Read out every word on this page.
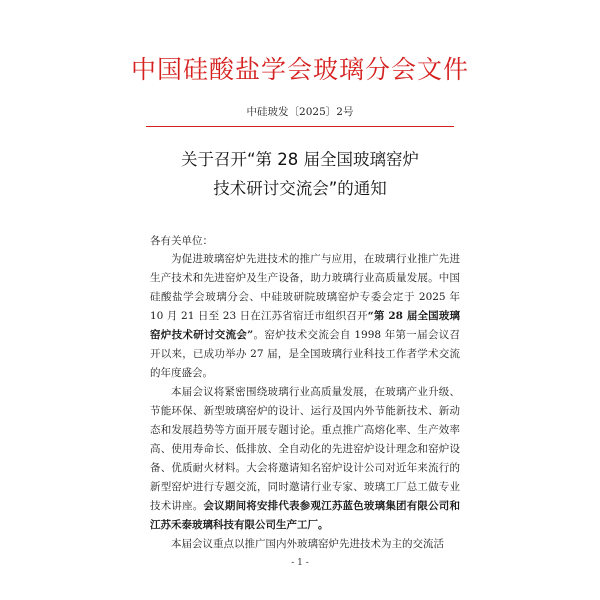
中国硅酸盐学会玻璃分会文件
中硅玻发〔2025〕2号
关于召开“第 28 届全国玻璃窑炉
技术研讨交流会”的通知
各有关单位：

为促进玻璃窑炉先进技术的推广与应用，在玻璃行业推广先进生产技术和先进窑炉及生产设备，助力玻璃行业高质量发展。中国硅酸盐学会玻璃分会、中硅玻研院玻璃窑炉专委会定于 2025 年 10 月 21 日至 23 日在江苏省宿迁市组织召开“第 28 届全国玻璃窑炉技术研讨交流会”。窑炉技术交流会自 1998 年第一届会议召开以来，已成功举办 27 届，是全国玻璃行业科技工作者学术交流的年度盛会。

本届会议将紧密围绕玻璃行业高质量发展，在玻璃产业升级、节能环保、新型玻璃窑炉的设计、运行及国内外节能新技术、新动态和发展趋势等方面开展专题讨论。重点推广高熔化率、生产效率高、使用寿命长、低排放、全自动化的先进窑炉设计理念和窑炉设备、优质耐火材料。大会将邀请知名窑炉设计公司对近年来流行的新型窑炉进行专题交流，同时邀请行业专家、玻璃工厂总工做专业技术讲座。会议期间将安排代表参观江苏蓝色玻璃集团有限公司和江苏禾泰玻璃科技有限公司生产工厂。

本届会议重点以推广国内外玻璃窑炉先进技术为主的交流活

- 1 -
